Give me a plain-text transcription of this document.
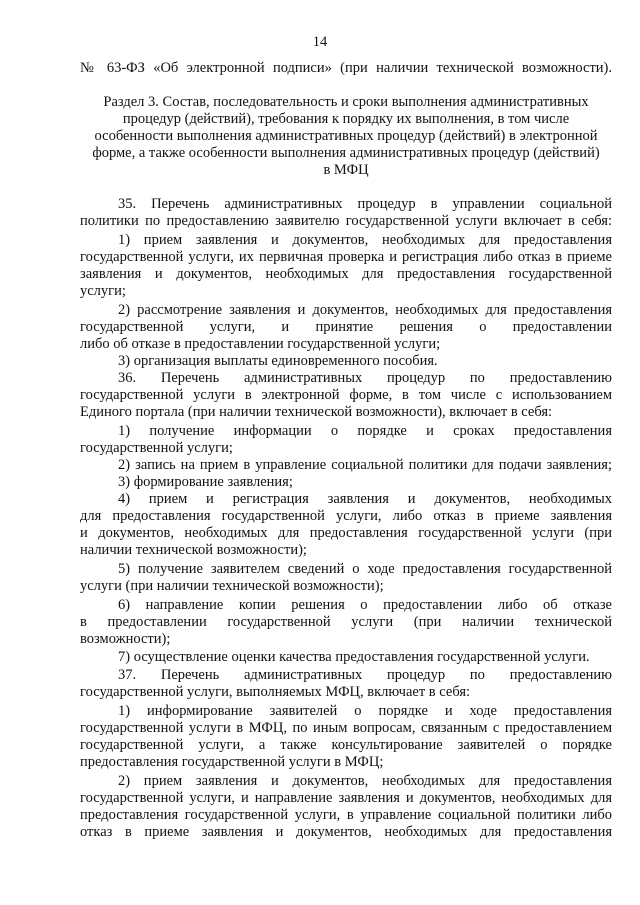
14
№ 63-ФЗ «Об электронной подписи» (при наличии технической возможности).
Раздел 3. Состав, последовательность и сроки выполнения административных
процедур (действий), требования к порядку их выполнения, в том числе
особенности выполнения административных процедур (действий) в электронной
форме, а также особенности выполнения административных процедур (действий)
в МФЦ
35. Перечень административных процедур в управлении социальной
политики по предоставлению заявителю государственной услуги включает в себя:
1) прием заявления и документов, необходимых для предоставления
государственной услуги, их первичная проверка и регистрация либо отказ в приеме
заявления и документов, необходимых для предоставления государственной
услуги;
2) рассмотрение заявления и документов, необходимых для предоставления
государственной услуги, и принятие решения о предоставлении
либо об отказе в предоставлении государственной услуги;
3) организация выплаты единовременного пособия.
36. Перечень административных процедур по предоставлению
государственной услуги в электронной форме, в том числе с использованием
Единого портала (при наличии технической возможности), включает в себя:
1) получение информации о порядке и сроках предоставления
государственной услуги;
2) запись на прием в управление социальной политики для подачи заявления;
3) формирование заявления;
4) прием и регистрация заявления и документов, необходимых
для предоставления государственной услуги, либо отказ в приеме заявления
и документов, необходимых для предоставления государственной услуги (при
наличии технической возможности);
5) получение заявителем сведений о ходе предоставления государственной
услуги (при наличии технической возможности);
6) направление копии решения о предоставлении либо об отказе
в предоставлении государственной услуги (при наличии технической
возможности);
7) осуществление оценки качества предоставления государственной услуги.
37. Перечень административных процедур по предоставлению
государственной услуги, выполняемых МФЦ, включает в себя:
1) информирование заявителей о порядке и ходе предоставления
государственной услуги в МФЦ, по иным вопросам, связанным с предоставлением
государственной услуги, а также консультирование заявителей о порядке
предоставления государственной услуги в МФЦ;
2) прием заявления и документов, необходимых для предоставления
государственной услуги, и направление заявления и документов, необходимых для
предоставления государственной услуги, в управление социальной политики либо
отказ в приеме заявления и документов, необходимых для предоставления
